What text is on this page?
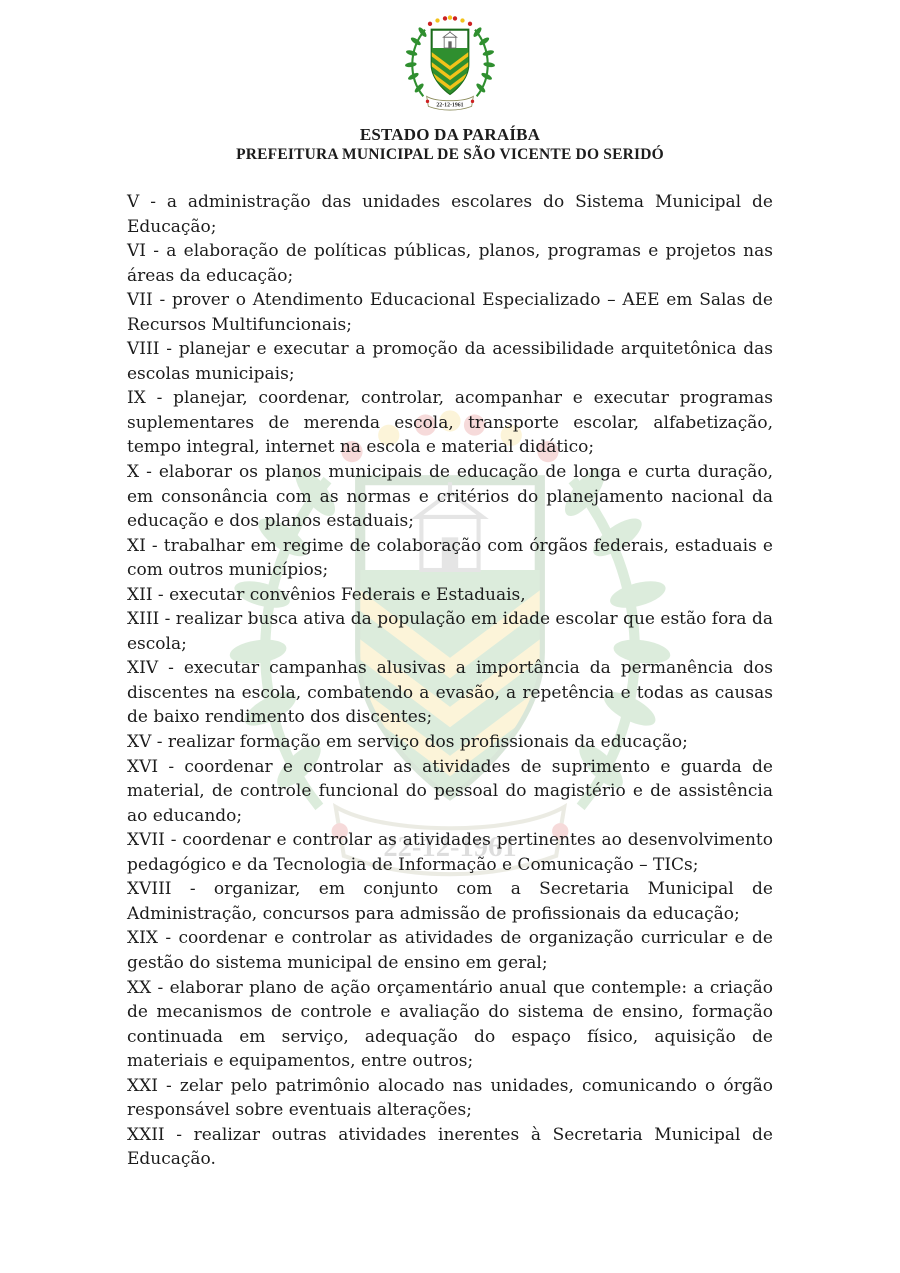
ESTADO DA PARAÍBA

PREFEITURA MUNICIPAL DE SÃO VICENTE DO SERIDÓ

V - a administração das unidades escolares do Sistema Municipal de Educação;

VI - a elaboração de políticas públicas, planos, programas e projetos nas áreas da educação;

VII - prover o Atendimento Educacional Especializado – AEE em Salas de Recursos Multifuncionais;

VIII - planejar e executar a promoção da acessibilidade arquitetônica das escolas municipais;

IX - planejar, coordenar, controlar, acompanhar e executar programas suplementares de merenda escola, transporte escolar, alfabetização, tempo integral, internet na escola e material didático;

X - elaborar os planos municipais de educação de longa e curta duração, em consonância com as normas e critérios do planejamento nacional da educação e dos planos estaduais;

XI - trabalhar em regime de colaboração com órgãos federais, estaduais e com outros municípios;

XII - executar convênios Federais e Estaduais,

XIII - realizar busca ativa da população em idade escolar que estão fora da escola;

XIV - executar campanhas alusivas a importância da permanência dos discentes na escola, combatendo a evasão, a repetência e todas as causas de baixo rendimento dos discentes;

XV - realizar formação em serviço dos profissionais da educação;

XVI - coordenar e controlar as atividades de suprimento e guarda de material, de controle funcional do pessoal do magistério e de assistência ao educando;

XVII - coordenar e controlar as atividades pertinentes ao desenvolvimento pedagógico e da Tecnologia de Informação e Comunicação – TICs;

XVIII - organizar, em conjunto com a Secretaria Municipal de Administração, concursos para admissão de profissionais da educação;

XIX - coordenar e controlar as atividades de organização curricular e de gestão do sistema municipal de ensino em geral;

XX - elaborar plano de ação orçamentário anual que contemple: a criação de mecanismos de controle e avaliação do sistema de ensino, formação continuada em serviço, adequação do espaço físico, aquisição de materiais e equipamentos, entre outros;

XXI - zelar pelo patrimônio alocado nas unidades, comunicando o órgão responsável sobre eventuais alterações;

XXII - realizar outras atividades inerentes à Secretaria Municipal de Educação.
